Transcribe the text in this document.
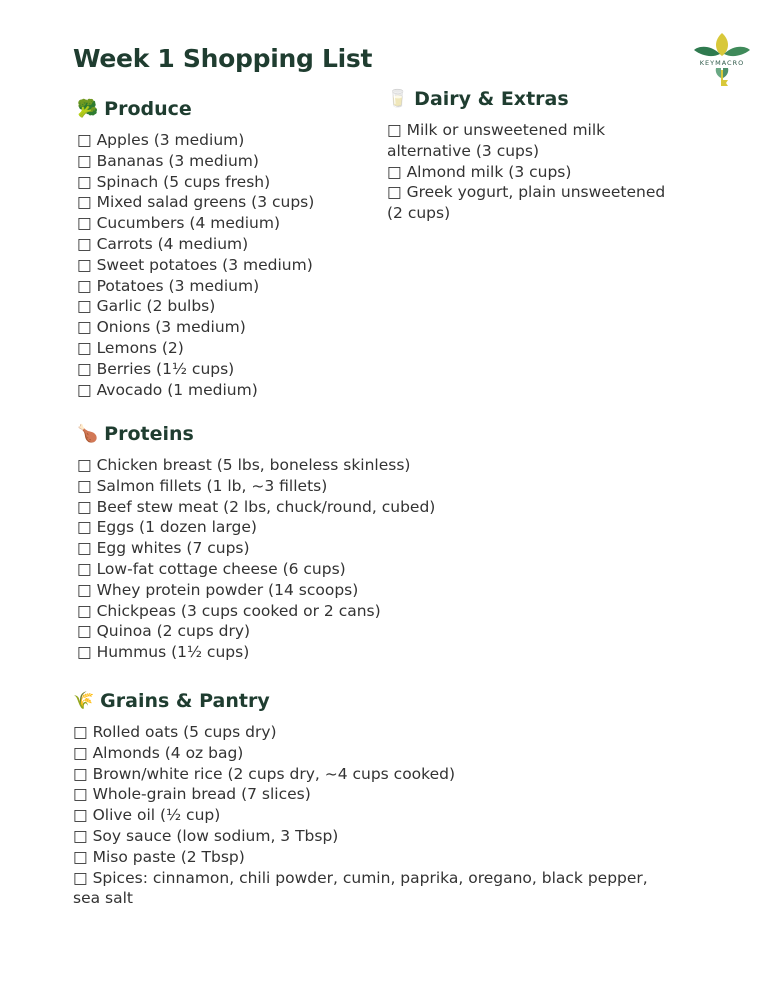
Week 1 Shopping List	KEYMACRO
🥦 Produce
□ Apples (3 medium)
□ Bananas (3 medium)
□ Spinach (5 cups fresh)
□ Mixed salad greens (3 cups)
□ Cucumbers (4 medium)
□ Carrots (4 medium)
□ Sweet potatoes (3 medium)
□ Potatoes (3 medium)
□ Garlic (2 bulbs)
□ Onions (3 medium)
□ Lemons (2)
□ Berries (1½ cups)
□ Avocado (1 medium)
🥛 Dairy & Extras
□ Milk or unsweetened milk alternative (3 cups)
□ Almond milk (3 cups)
□ Greek yogurt, plain unsweetened (2 cups)
🍗 Proteins
□ Chicken breast (5 lbs, boneless skinless)
□ Salmon fillets (1 lb, ~3 fillets)
□ Beef stew meat (2 lbs, chuck/round, cubed)
□ Eggs (1 dozen large)
□ Egg whites (7 cups)
□ Low-fat cottage cheese (6 cups)
□ Whey protein powder (14 scoops)
□ Chickpeas (3 cups cooked or 2 cans)
□ Quinoa (2 cups dry)
□ Hummus (1½ cups)
🌾 Grains & Pantry
□ Rolled oats (5 cups dry)
□ Almonds (4 oz bag)
□ Brown/white rice (2 cups dry, ~4 cups cooked)
□ Whole-grain bread (7 slices)
□ Olive oil (½ cup)
□ Soy sauce (low sodium, 3 Tbsp)
□ Miso paste (2 Tbsp)
□ Spices: cinnamon, chili powder, cumin, paprika, oregano, black pepper, sea salt
